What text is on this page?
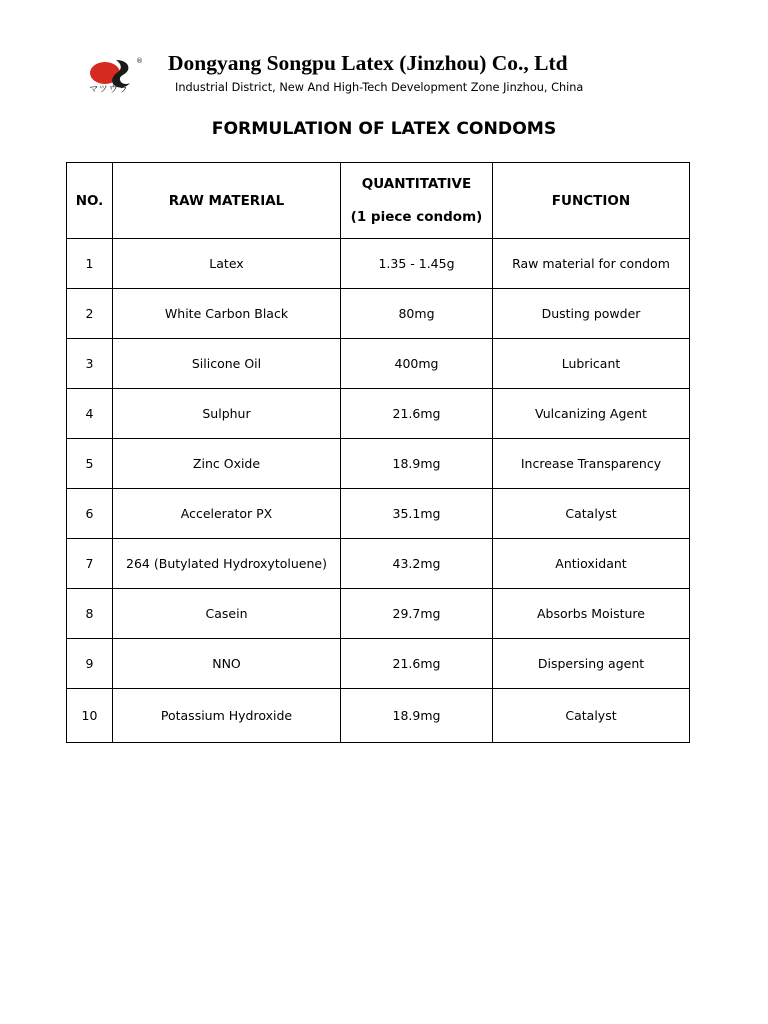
®
マツウラ
Dongyang Songpu Latex (Jinzhou) Co., Ltd
Industrial District, New And High-Tech Development Zone Jinzhou, China
FORMULATION OF LATEX CONDOMS
NO.	RAW MATERIAL	QUANTITATIVE
(1 piece condom)	FUNCTION
1	Latex	1.35 - 1.45g	Raw material for condom
2	White Carbon Black	80mg	Dusting powder
3	Silicone Oil	400mg	Lubricant
4	Sulphur	21.6mg	Vulcanizing Agent
5	Zinc Oxide	18.9mg	Increase Transparency
6	Accelerator PX	35.1mg	Catalyst
7	264 (Butylated Hydroxytoluene)	43.2mg	Antioxidant
8	Casein	29.7mg	Absorbs Moisture
9	NNO	21.6mg	Dispersing agent
10	Potassium Hydroxide	18.9mg	Catalyst
